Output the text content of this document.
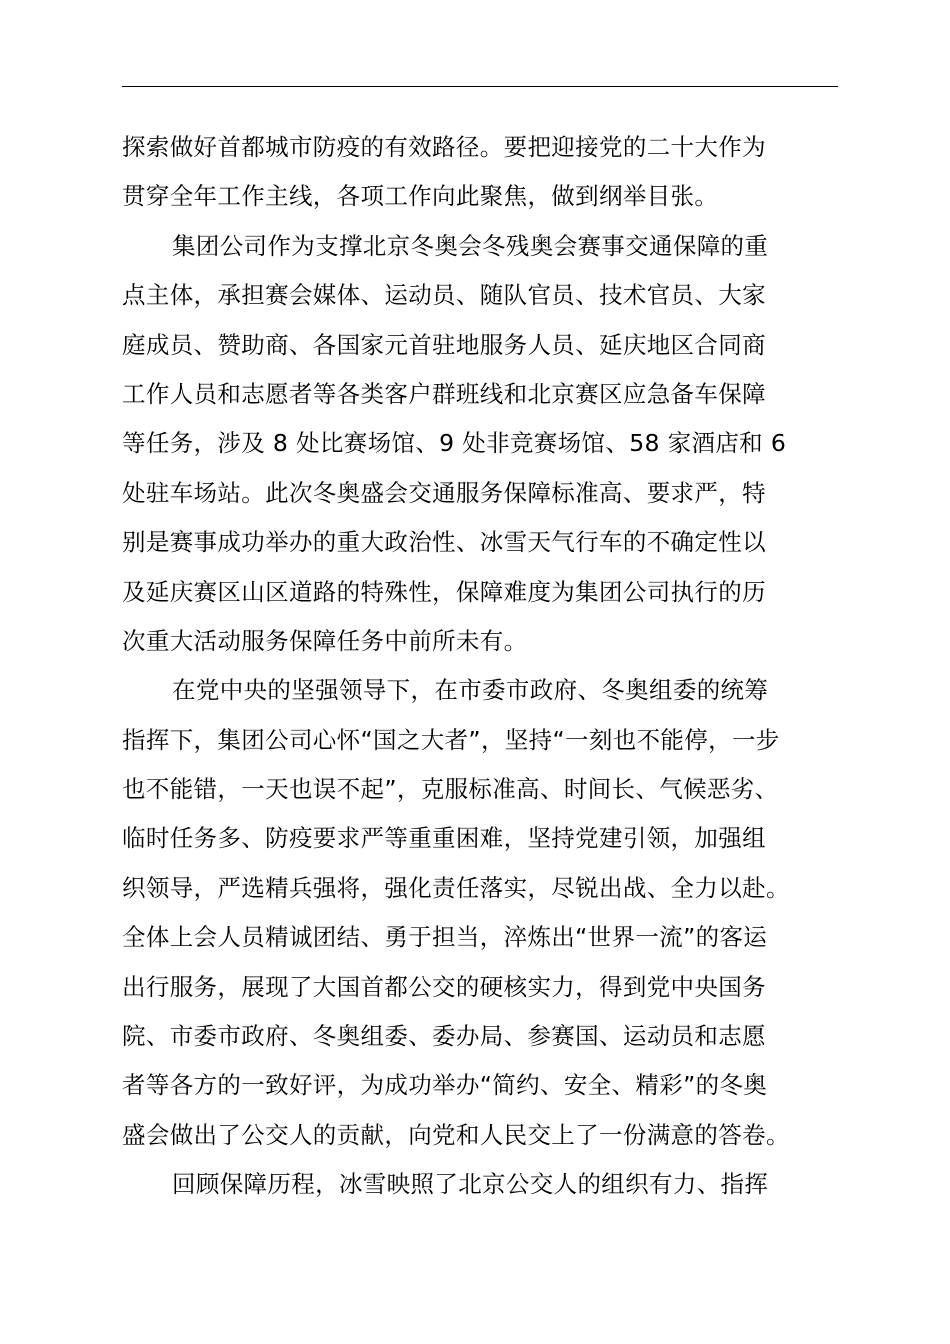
探索做好首都城市防疫的有效路径。要把迎接党的二十大作为
贯穿全年工作主线，各项工作向此聚焦，做到纲举目张。
集团公司作为支撑北京冬奥会冬残奥会赛事交通保障的重
点主体，承担赛会媒体、运动员、随队官员、技术官员、大家
庭成员、赞助商、各国家元首驻地服务人员、延庆地区合同商
工作人员和志愿者等各类客户群班线和北京赛区应急备车保障
等任务，涉及 8 处比赛场馆、9 处非竞赛场馆、58 家酒店和 6
处驻车场站。此次冬奥盛会交通服务保障标准高、要求严，特
别是赛事成功举办的重大政治性、冰雪天气行车的不确定性以
及延庆赛区山区道路的特殊性，保障难度为集团公司执行的历
次重大活动服务保障任务中前所未有。
在党中央的坚强领导下，在市委市政府、冬奥组委的统筹
指挥下，集团公司心怀“国之大者”，坚持“一刻也不能停，一步
也不能错，一天也误不起”，克服标准高、时间长、气候恶劣、
临时任务多、防疫要求严等重重困难，坚持党建引领，加强组
织领导，严选精兵强将，强化责任落实，尽锐出战、全力以赴。
全体上会人员精诚团结、勇于担当，淬炼出“世界一流”的客运
出行服务，展现了大国首都公交的硬核实力，得到党中央国务
院、市委市政府、冬奥组委、委办局、参赛国、运动员和志愿
者等各方的一致好评，为成功举办“简约、安全、精彩”的冬奥
盛会做出了公交人的贡献，向党和人民交上了一份满意的答卷。
回顾保障历程，冰雪映照了北京公交人的组织有力、指挥
